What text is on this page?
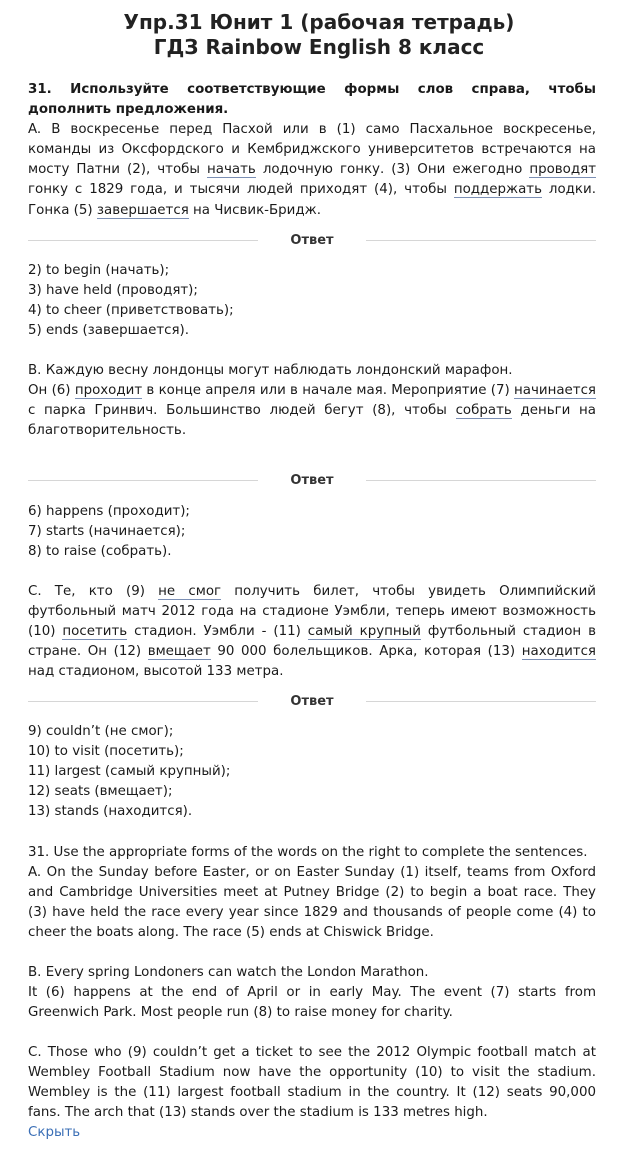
Упр.31 Юнит 1 (рабочая тетрадь)
ГДЗ Rainbow English 8 класс
31. Используйте соответствующие формы слов справа, чтобы дополнить предложения.
A. В воскресенье перед Пасхой или в (1) само Пасхальное воскресенье, команды из Оксфордского и Кембриджского университетов встречаются на мосту Патни (2), чтобы начать лодочную гонку. (3) Они ежегодно проводят гонку с 1829 года, и тысячи людей приходят (4), чтобы поддержать лодки. Гонка (5) завершается на Чисвик-Бридж.
Ответ
2) to begin (начать);
3) have held (проводят);
4) to cheer (приветствовать);
5) ends (завершается).
B. Каждую весну лондонцы могут наблюдать лондонский марафон.
Он (6) проходит в конце апреля или в начале мая. Мероприятие (7) начинается с парка Гринвич. Большинство людей бегут (8), чтобы собрать деньги на благотворительность.
Ответ
6) happens (проходит);
7) starts (начинается);
8) to raise (собрать).
C. Те, кто (9) не смог получить билет, чтобы увидеть Олимпийский футбольный матч 2012 года на стадионе Уэмбли, теперь имеют возможность (10) посетить стадион. Уэмбли - (11) самый крупный футбольный стадион в стране. Он (12) вмещает 90 000 болельщиков. Арка, которая (13) находится над стадионом, высотой 133 метра.
Ответ
9) couldn’t (не смог);
10) to visit (посетить);
11) largest (самый крупный);
12) seats (вмещает);
13) stands (находится).
31. Use the appropriate forms of the words on the right to complete the sentences.
A. On the Sunday before Easter, or on Easter Sunday (1) itself, teams from Oxford and Cambridge Universities meet at Putney Bridge (2) to begin a boat race. They (3) have held the race every year since 1829 and thousands of people come (4) to cheer the boats along. The race (5) ends at Chiswick Bridge.
B. Every spring Londoners can watch the London Marathon.
It (6) happens at the end of April or in early May. The event (7) starts from Greenwich Park. Most people run (8) to raise money for charity.
C. Those who (9) couldn’t get a ticket to see the 2012 Olympic football match at Wembley Football Stadium now have the opportunity (10) to visit the stadium. Wembley is the (11) largest football stadium in the country. It (12) seats 90,000 fans. The arch that (13) stands over the stadium is 133 metres high.
Скрыть
